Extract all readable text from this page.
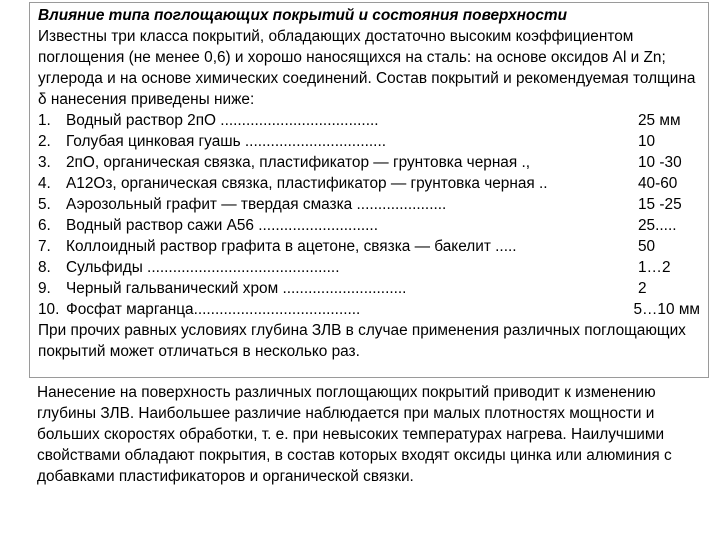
Влияние типа поглощающих покрытий и состояния поверхности

Известны три класса покрытий, обладающих достаточно высоким коэффициентом поглощения (не менее 0,6) и хорошо наносящихся на сталь: на основе оксидов Al и Zn; углерода и на основе химических соединений. Состав покрытий и рекомендуемая толщина δ нанесения приведены ниже:

1. Водный раствор 2пО .....................................	25 мм
2. Голубая цинковая гуашь .................................	10
3. 2пО, органическая связка, пластификатор — грунтовка черная .,	10 -30
4. А12Оз, органическая связка, пластификатор — грунтовка черная ..	40-60
5. Аэрозольный графит — твердая смазка .....................	15 -25
6. Водный раствор сажи А56 ............................	25.....
7. Коллоидный раствор графита в ацетоне, связка — бакелит .....	50
8. Сульфиды .............................................	1…2
9. Черный гальванический хром .............................	2
10. Фосфат марганца.......................................	5…10 мм

При прочих равных условиях глубина ЗЛВ в случае применения различных поглощающих покрытий может отличаться в несколько раз.

Нанесение на поверхность различных поглощающих покрытий приводит к изменению глубины ЗЛВ. Наибольшее различие наблюдается при малых плотностях мощности и больших скоростях обработки, т. е. при невысоких температурах нагрева. Наилучшими свойствами обладают покрытия, в состав которых входят оксиды цинка или алюминия с добавками пластификаторов и органической связки.
